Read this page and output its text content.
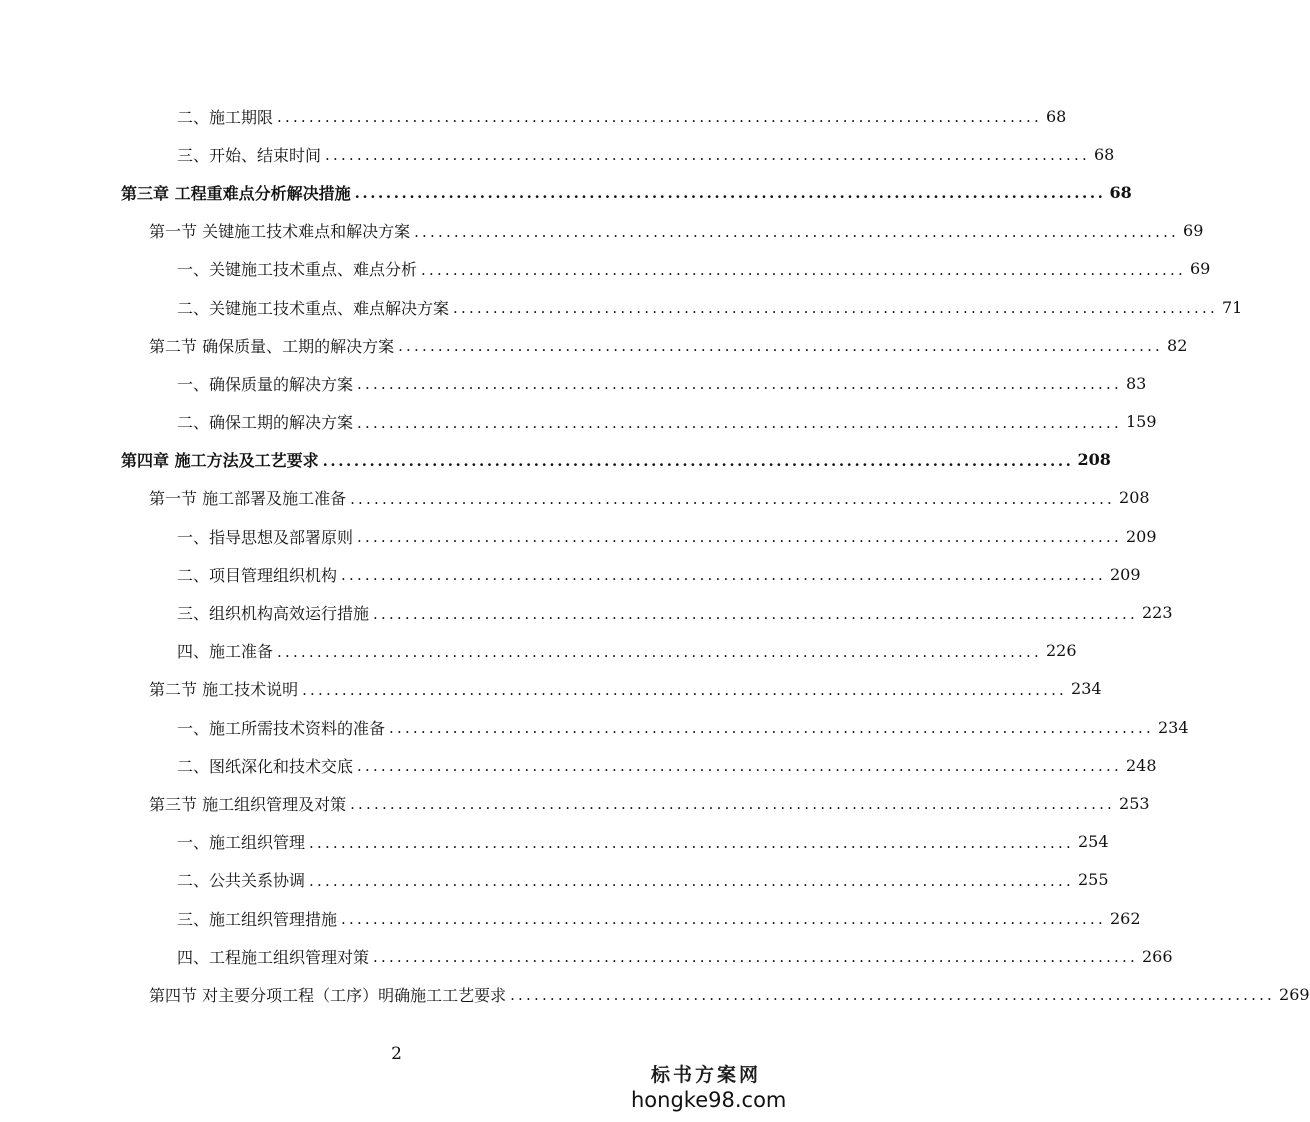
二、施工期限 ................................................................................................ 68
三、开始、结束时间 ................................................................................................ 68
第三章 工程重难点分析解决措施 ................................................................................................ 68
第一节 关键施工技术难点和解决方案 ................................................................................................ 69
一、关键施工技术重点、难点分析 ................................................................................................ 69
二、关键施工技术重点、难点解决方案 ................................................................................................ 71
第二节 确保质量、工期的解决方案 ................................................................................................ 82
一、确保质量的解决方案 ................................................................................................ 83
二、确保工期的解决方案 ................................................................................................ 159
第四章 施工方法及工艺要求 ................................................................................................ 208
第一节 施工部署及施工准备 ................................................................................................ 208
一、指导思想及部署原则 ................................................................................................ 209
二、项目管理组织机构 ................................................................................................ 209
三、组织机构高效运行措施 ................................................................................................ 223
四、施工准备 ................................................................................................ 226
第二节 施工技术说明 ................................................................................................ 234
一、施工所需技术资料的准备 ................................................................................................ 234
二、图纸深化和技术交底 ................................................................................................ 248
第三节 施工组织管理及对策 ................................................................................................ 253
一、施工组织管理 ................................................................................................ 254
二、公共关系协调 ................................................................................................ 255
三、施工组织管理措施 ................................................................................................ 262
四、工程施工组织管理对策 ................................................................................................ 266
第四节 对主要分项工程（工序）明确施工工艺要求 ................................................................................................ 269
2
标书方案网
hongke98.com
